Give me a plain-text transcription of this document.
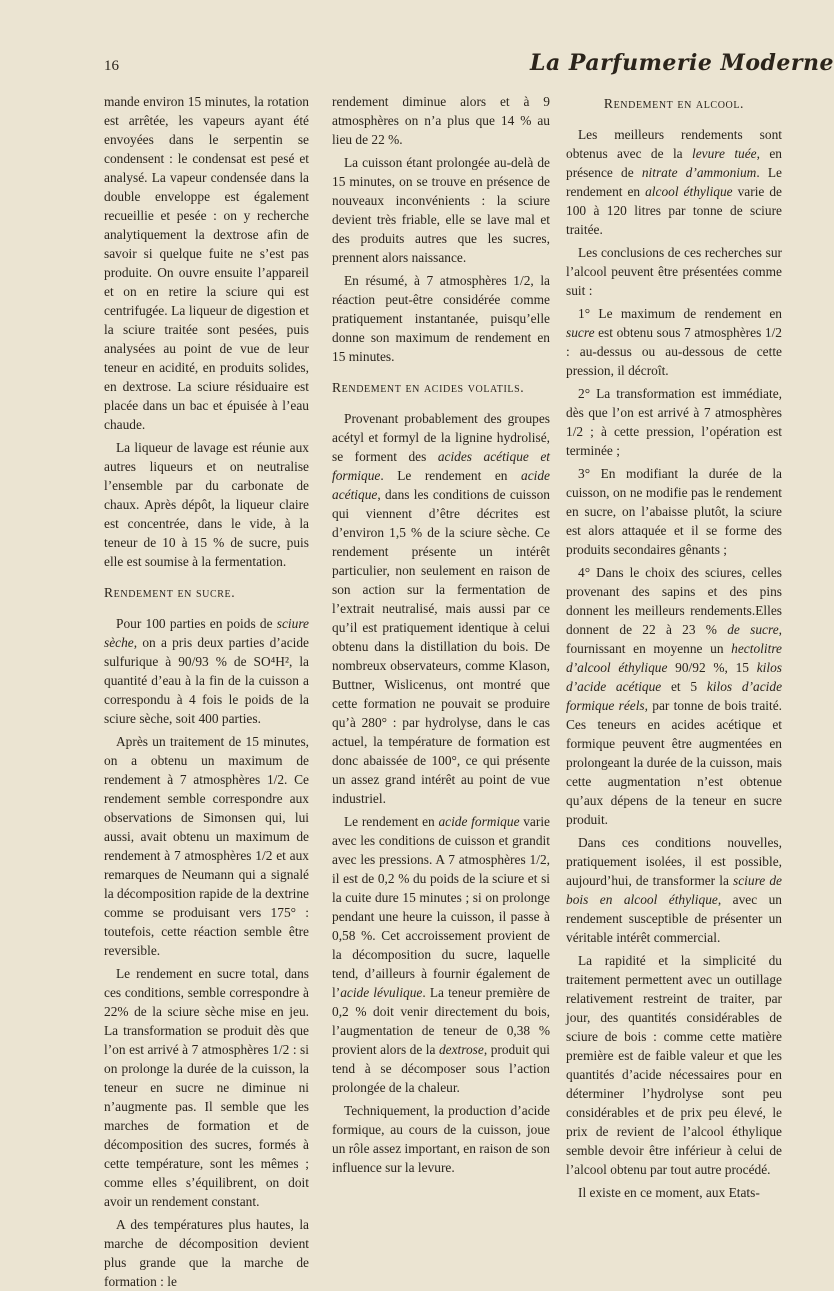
16	La Parfumerie Moderne

mande environ 15 minutes, la rotation est arrêtée, les vapeurs ayant été envoyées dans le serpentin se condensent : le condensat est pesé et analysé. La vapeur condensée dans la double enveloppe est également recueillie et pesée : on y recherche analytiquement la dextrose afin de savoir si quelque fuite ne s’est pas produite. On ouvre ensuite l’appareil et on en retire la sciure qui est centrifugée. La liqueur de digestion et la sciure traitée sont pesées, puis analysées au point de vue de leur teneur en acidité, en produits solides, en dextrose. La sciure résiduaire est placée dans un bac et épuisée à l’eau chaude.

La liqueur de lavage est réunie aux autres liqueurs et on neutralise l’ensemble par du carbonate de chaux. Après dépôt, la liqueur claire est concentrée, dans le vide, à la teneur de 10 à 15 % de sucre, puis elle est soumise à la fermentation.

Rendement en sucre.

Pour 100 parties en poids de sciure sèche, on a pris deux parties d’acide sulfurique à 90/93 % de SO⁴H², la quantité d’eau à la fin de la cuisson a correspondu à 4 fois le poids de la sciure sèche, soit 400 parties.

Après un traitement de 15 minutes, on a obtenu un maximum de rendement à 7 atmosphères 1/2. Ce rendement semble correspondre aux observations de Simonsen qui, lui aussi, avait obtenu un maximum de rendement à 7 atmosphères 1/2 et aux remarques de Neumann qui a signalé la décomposition rapide de la dextrine comme se produisant vers 175° : toutefois, cette réaction semble être reversible.

Le rendement en sucre total, dans ces conditions, semble correspondre à 22% de la sciure sèche mise en jeu. La transformation se produit dès que l’on est arrivé à 7 atmosphères 1/2 : si on prolonge la durée de la cuisson, la teneur en sucre ne diminue ni n’augmente pas. Il semble que les marches de formation et de décomposition des sucres, formés à cette température, sont les mêmes ; comme elles s’équilibrent, on doit avoir un rendement constant.

A des températures plus hautes, la marche de décomposition devient plus grande que la marche de formation : le

rendement diminue alors et à 9 atmosphères on n’a plus que 14 % au lieu de 22 %.

La cuisson étant prolongée au-delà de 15 minutes, on se trouve en présence de nouveaux inconvénients : la sciure devient très friable, elle se lave mal et des produits autres que les sucres, prennent alors naissance.

En résumé, à 7 atmosphères 1/2, la réaction peut-être considérée comme pratiquement instantanée, puisqu’elle donne son maximum de rendement en 15 minutes.

Rendement en acides volatils.

Provenant probablement des groupes acétyl et formyl de la lignine hydrolisé, se forment des acides acétique et formique. Le rendement en acide acétique, dans les conditions de cuisson qui viennent d’être décrites est d’environ 1,5 % de la sciure sèche. Ce rendement présente un intérêt particulier, non seulement en raison de son action sur la fermentation de l’extrait neutralisé, mais aussi par ce qu’il est pratiquement identique à celui obtenu dans la distillation du bois. De nombreux observateurs, comme Klason, Buttner, Wislicenus, ont montré que cette formation ne pouvait se produire qu’à 280° : par hydrolyse, dans le cas actuel, la température de formation est donc abaissée de 100°, ce qui présente un assez grand intérêt au point de vue industriel.

Le rendement en acide formique varie avec les conditions de cuisson et grandit avec les pressions. A 7 atmosphères 1/2, il est de 0,2 % du poids de la sciure et si la cuite dure 15 minutes ; si on prolonge pendant une heure la cuisson, il passe à 0,58 %. Cet accroissement provient de la décomposition du sucre, laquelle tend, d’ailleurs à fournir également de l’acide lévulique. La teneur première de 0,2 % doit venir directement du bois, l’augmentation de teneur de 0,38 % provient alors de la dextrose, produit qui tend à se décomposer sous l’action prolongée de la chaleur.

Techniquement, la production d’acide formique, au cours de la cuisson, joue un rôle assez important, en raison de son influence sur la levure.

Rendement en alcool.

Les meilleurs rendements sont obtenus avec de la levure tuée, en présence de nitrate d’ammonium. Le rendement en alcool éthylique varie de 100 à 120 litres par tonne de sciure traitée.

Les conclusions de ces recherches sur l’alcool peuvent être présentées comme suit :

1° Le maximum de rendement en sucre est obtenu sous 7 atmosphères 1/2 : au-dessus ou au-dessous de cette pression, il décroît.

2° La transformation est immédiate, dès que l’on est arrivé à 7 atmosphères 1/2 ; à cette pression, l’opération est terminée ;

3° En modifiant la durée de la cuisson, on ne modifie pas le rendement en sucre, on l’abaisse plutôt, la sciure est alors attaquée et il se forme des produits secondaires gênants ;

4° Dans le choix des sciures, celles provenant des sapins et des pins donnent les meilleurs rendements.Elles donnent de 22 à 23 % de sucre, fournissant en moyenne un hectolitre d’alcool éthylique 90/92 %, 15 kilos d’acide acétique et 5 kilos d’acide formique réels, par tonne de bois traité. Ces teneurs en acides acétique et formique peuvent être augmentées en prolongeant la durée de la cuisson, mais cette augmentation n’est obtenue qu’aux dépens de la teneur en sucre produit.

Dans ces conditions nouvelles, pratiquement isolées, il est possible, aujourd’hui, de transformer la sciure de bois en alcool éthylique, avec un rendement susceptible de présenter un véritable intérêt commercial.

La rapidité et la simplicité du traitement permettent avec un outillage relativement restreint de traiter, par jour, des quantités considérables de sciure de bois : comme cette matière première est de faible valeur et que les quantités d’acide nécessaires pour en déterminer l’hydrolyse sont peu considérables et de prix peu élevé, le prix de revient de l’alcool éthylique semble devoir être inférieur à celui de l’alcool obtenu par tout autre procédé.

Il existe en ce moment, aux Etats-
